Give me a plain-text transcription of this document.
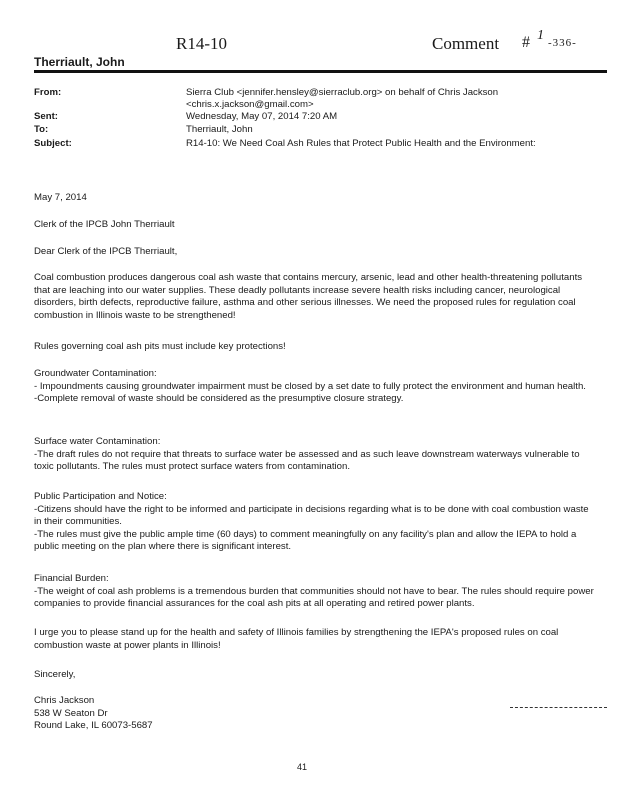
R14-10	Comment # 1 -336-
Therriault, John
From:	Sierra Club <jennifer.hensley@sierraclub.org> on behalf of Chris Jackson <chris.x.jackson@gmail.com>
Sent:	Wednesday, May 07, 2014 7:20 AM
To:	Therriault, John
Subject:	R14-10: We Need Coal Ash Rules that Protect Public Health and the Environment:
May 7, 2014
Clerk of the IPCB John Therriault
Dear Clerk of the IPCB Therriault,
Coal combustion produces dangerous coal ash waste that contains mercury, arsenic, lead and other health-threatening pollutants that are leaching into our water supplies. These deadly pollutants increase severe health risks including cancer, neurological disorders, birth defects, reproductive failure, asthma and other serious illnesses. We need the proposed rules for regulation coal combustion in Illinois waste to be strengthened!
Rules governing coal ash pits must include key protections!

Groundwater Contamination:

- Impoundments causing groundwater impairment must be closed by a set date to fully protect the environment and human health.

-Complete removal of waste should be considered as the presumptive closure strategy.

Surface water Contamination:

-The draft rules do not require that threats to surface water be assessed and as such leave downstream waterways vulnerable to toxic pollutants. The rules must protect surface waters from contamination.

Public Participation and Notice:

-Citizens should have the right to be informed and participate in decisions regarding what is to be done with coal combustion waste in their communities.

-The rules must give the public ample time (60 days) to comment meaningfully on any facility's plan and allow the IEPA to hold a public meeting on the plan where there is significant interest.

Financial Burden:

-The weight of coal ash problems is a tremendous burden that communities should not have to bear. The rules should require power companies to provide financial assurances for the coal ash pits at all operating and retired power plants.

I urge you to please stand up for the health and safety of Illinois families by strengthening the IEPA's proposed rules on coal combustion waste at power plants in Illinois!
Sincerely,

Chris Jackson

538 W Seaton Dr

Round Lake, IL 60073-5687

41
